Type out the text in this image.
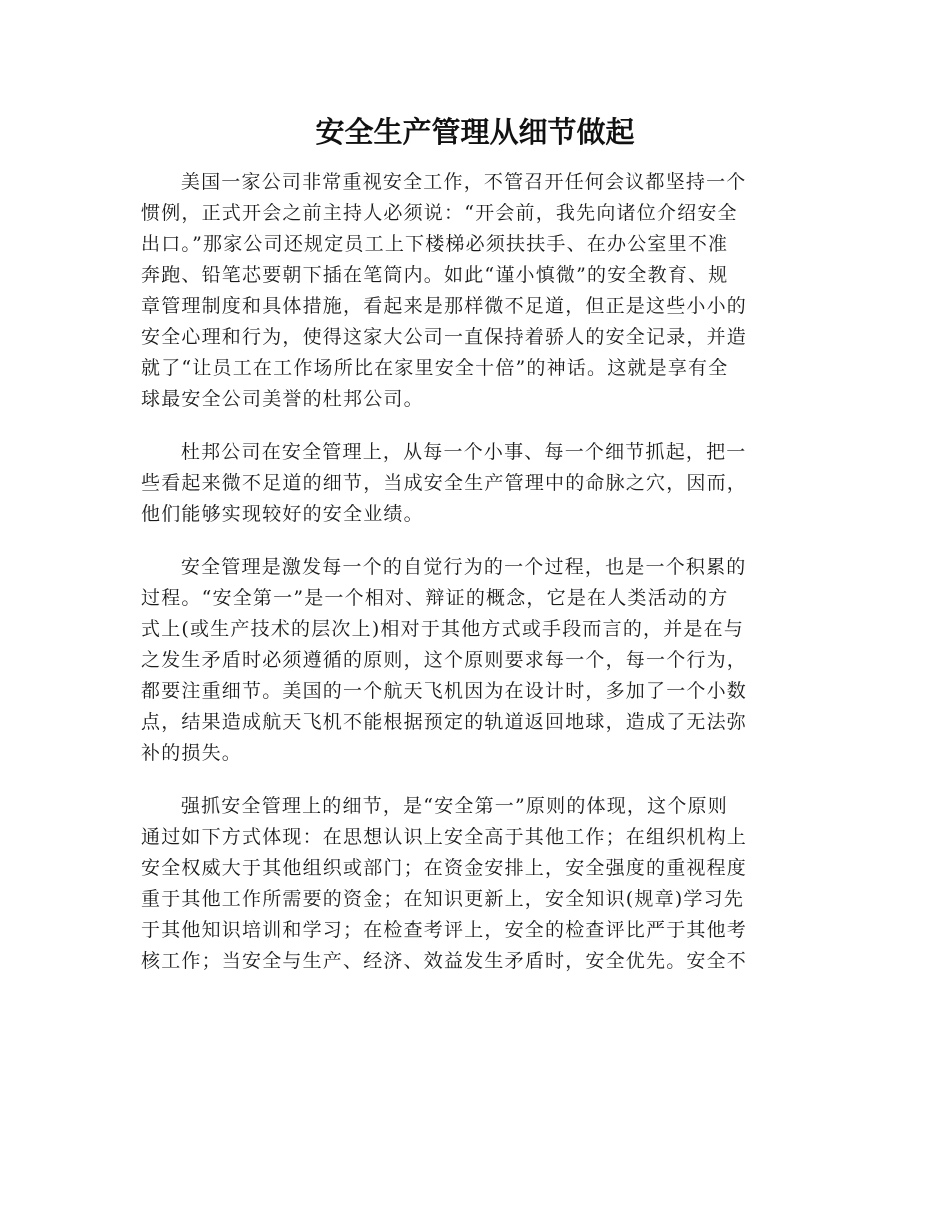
安全生产管理从细节做起

美国一家公司非常重视安全工作，不管召开任何会议都坚持一个
惯例，正式开会之前主持人必须说：“开会前，我先向诸位介绍安全
出口。”那家公司还规定员工上下楼梯必须扶扶手、在办公室里不准
奔跑、铅笔芯要朝下插在笔筒内。如此“谨小慎微”的安全教育、规
章管理制度和具体措施，看起来是那样微不足道，但正是这些小小的
安全心理和行为，使得这家大公司一直保持着骄人的安全记录，并造
就了“让员工在工作场所比在家里安全十倍”的神话。这就是享有全
球最安全公司美誉的杜邦公司。

杜邦公司在安全管理上，从每一个小事、每一个细节抓起，把一
些看起来微不足道的细节，当成安全生产管理中的命脉之穴，因而，
他们能够实现较好的安全业绩。

安全管理是激发每一个的自觉行为的一个过程，也是一个积累的
过程。“安全第一”是一个相对、辩证的概念，它是在人类活动的方
式上(或生产技术的层次上)相对于其他方式或手段而言的，并是在与
之发生矛盾时必须遵循的原则，这个原则要求每一个，每一个行为，
都要注重细节。美国的一个航天飞机因为在设计时，多加了一个小数
点，结果造成航天飞机不能根据预定的轨道返回地球，造成了无法弥
补的损失。

强抓安全管理上的细节，是“安全第一”原则的体现，这个原则
通过如下方式体现：在思想认识上安全高于其他工作；在组织机构上
安全权威大于其他组织或部门；在资金安排上，安全强度的重视程度
重于其他工作所需要的资金；在知识更新上，安全知识(规章)学习先
于其他知识培训和学习；在检查考评上，安全的检查评比严于其他考
核工作；当安全与生产、经济、效益发生矛盾时，安全优先。安全不
